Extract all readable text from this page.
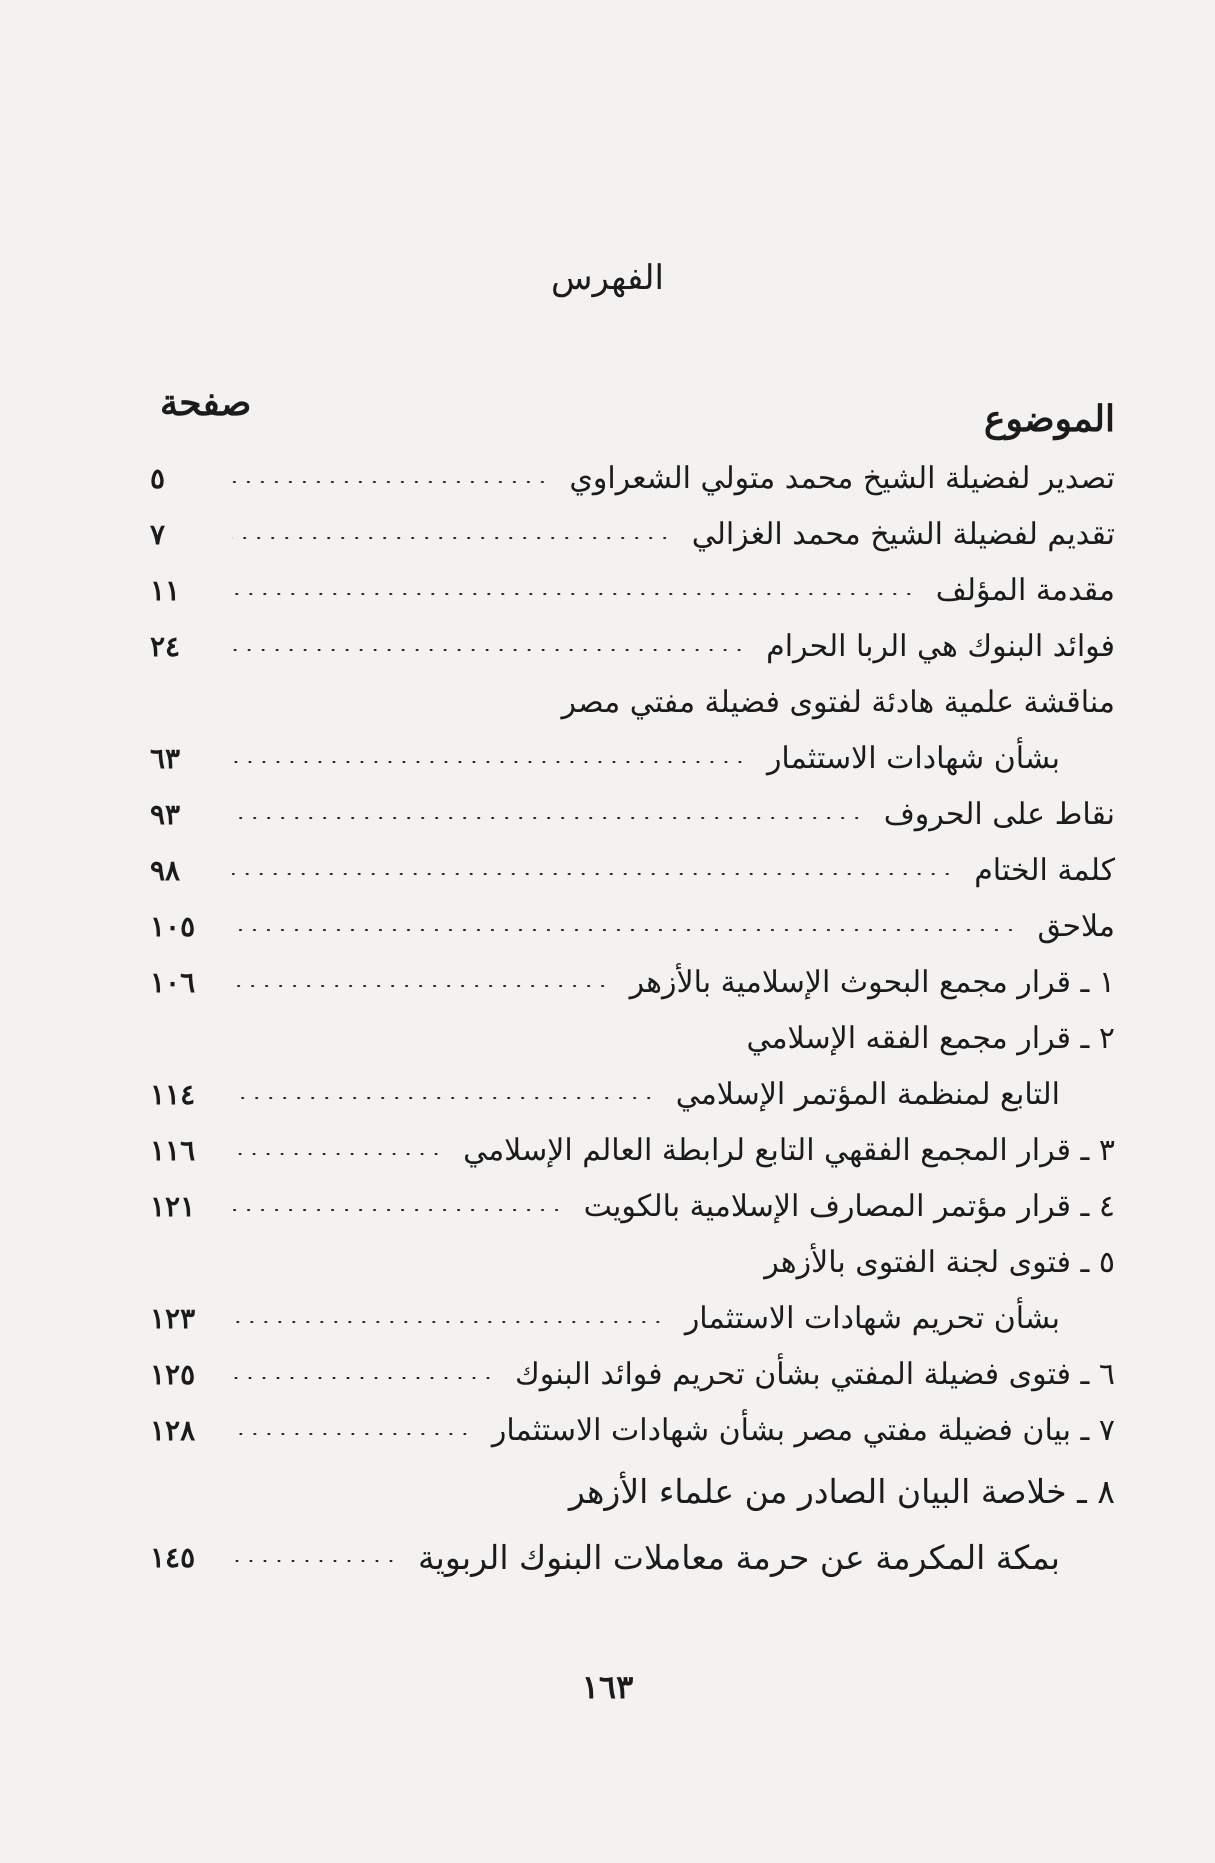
الفهرس
الموضوع
صفحة
تصدير لفضيلة الشيخ محمد متولي الشعراوي
٥
تقديم لفضيلة الشيخ محمد الغزالي
٧
مقدمة المؤلف
١١
فوائد البنوك هي الربا الحرام
٢٤
مناقشة علمية هادئة لفتوى فضيلة مفتي مصر
بشأن شهادات الاستثمار
٦٣
نقاط على الحروف
٩٣
كلمة الختام
٩٨
ملاحق
١٠٥
١ ـ قرار مجمع البحوث الإسلامية بالأزهر
١٠٦
٢ ـ قرار مجمع الفقه الإسلامي
التابع لمنظمة المؤتمر الإسلامي
١١٤
٣ ـ قرار المجمع الفقهي التابع لرابطة العالم الإسلامي
١١٦
٤ ـ قرار مؤتمر المصارف الإسلامية بالكويت
١٢١
٥ ـ فتوى لجنة الفتوى بالأزهر
بشأن تحريم شهادات الاستثمار
١٢٣
٦ ـ فتوى فضيلة المفتي بشأن تحريم فوائد البنوك
١٢٥
٧ ـ بيان فضيلة مفتي مصر بشأن شهادات الاستثمار
١٢٨
٨ ـ خلاصة البيان الصادر من علماء الأزهر
بمكة المكرمة عن حرمة معاملات البنوك الربوية
١٤٥
١٦٣
